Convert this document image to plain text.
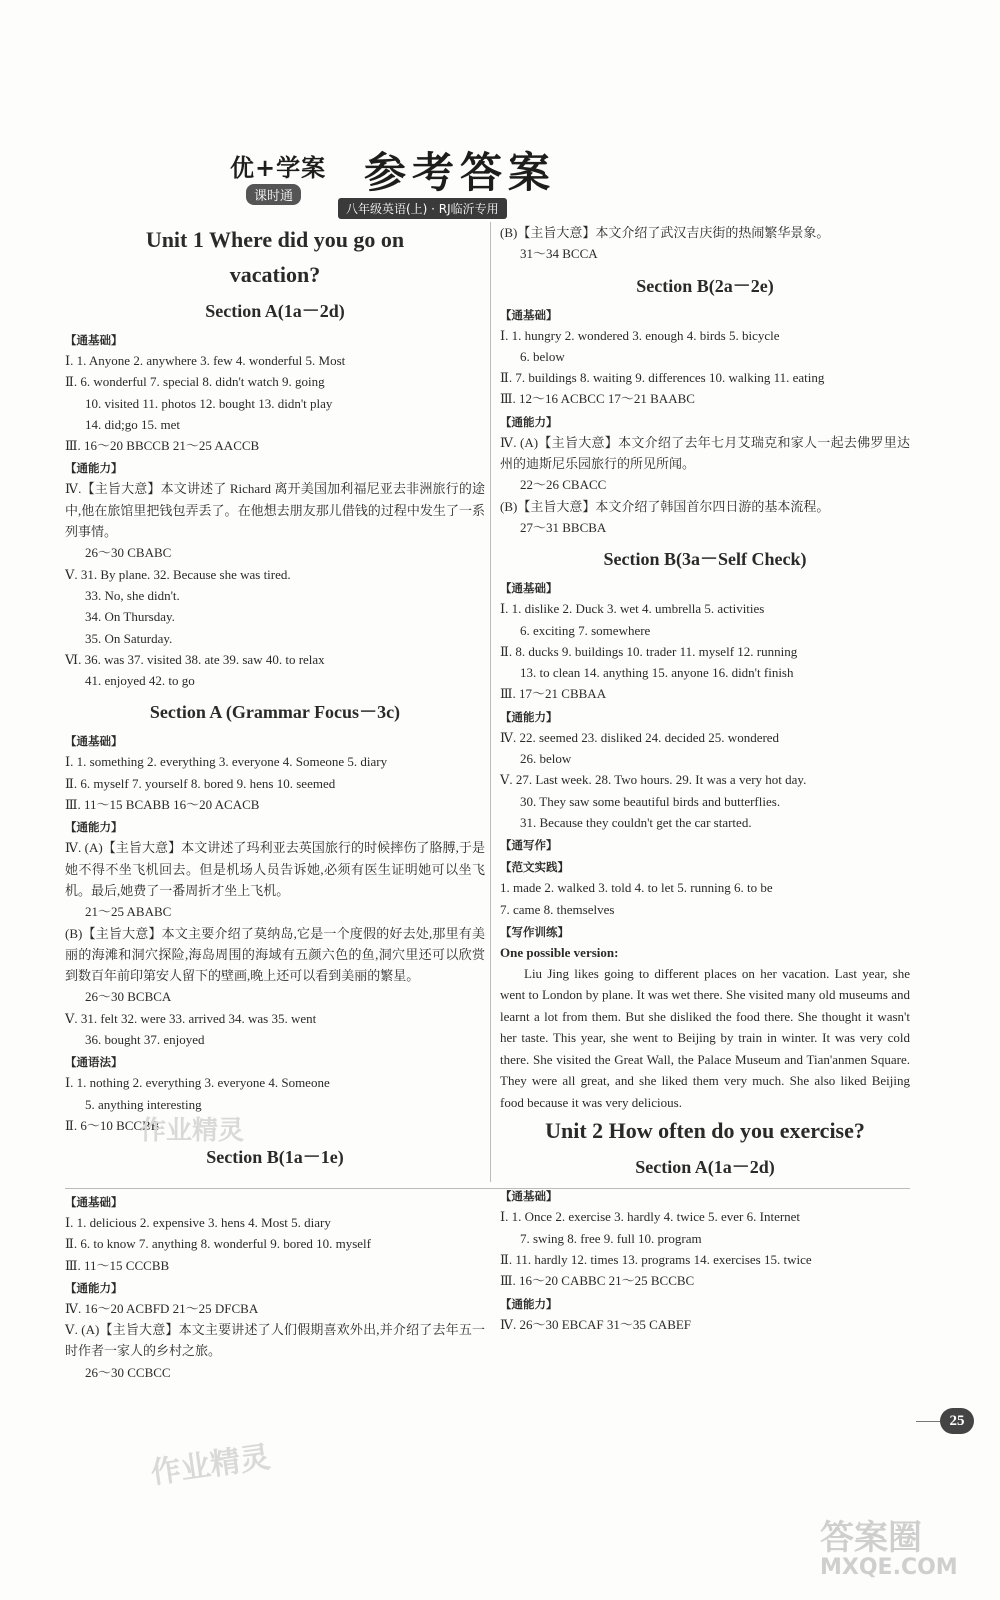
优+学案
课时通 参考答案
八年级英语(上) · RJ临沂专用
Unit 1 Where did you go on
vacation?
Section A(1a－2d)
【通基础】
Ⅰ. 1. Anyone 2. anywhere 3. few 4. wonderful 5. Most
Ⅱ. 6. wonderful 7. special 8. didn't watch 9. going
10. visited 11. photos 12. bought 13. didn't play
14. did;go 15. met
Ⅲ. 16～20 BBCCB 21～25 AACCB
【通能力】
Ⅳ.【主旨大意】本文讲述了 Richard 离开美国加利福尼亚去非洲旅行的途中,他在旅馆里把钱包弄丢了。在他想去朋友那儿借钱的过程中发生了一系列事情。
26～30 CBABC
Ⅴ. 31. By plane. 32. Because she was tired.
33. No, she didn't.
34. On Thursday.
35. On Saturday.
Ⅵ. 36. was 37. visited 38. ate 39. saw 40. to relax
41. enjoyed 42. to go
Section A (Grammar Focus－3c)
【通基础】
Ⅰ. 1. something 2. everything 3. everyone 4. Someone 5. diary
Ⅱ. 6. myself 7. yourself 8. bored 9. hens 10. seemed
Ⅲ. 11～15 BCABB 16～20 ACACB
【通能力】
Ⅳ. (A)【主旨大意】本文讲述了玛利亚去英国旅行的时候摔伤了胳膊,于是她不得不坐飞机回去。但是机场人员告诉她,必须有医生证明她可以坐飞机。最后,她费了一番周折才坐上飞机。
21～25 ABABC
(B)【主旨大意】本文主要介绍了莫纳岛,它是一个度假的好去处,那里有美丽的海滩和洞穴探险,海岛周围的海域有五颜六色的鱼,洞穴里还可以欣赏到数百年前印第安人留下的壁画,晚上还可以看到美丽的繁星。
26～30 BCBCA
Ⅴ. 31. felt 32. were 33. arrived 34. was 35. went
36. bought 37. enjoyed
【通语法】
Ⅰ. 1. nothing 2. everything 3. everyone 4. Someone
5. anything interesting
Ⅱ. 6～10 BCCBB
Section B(1a－1e)
【通基础】
Ⅰ. 1. delicious 2. expensive 3. hens 4. Most 5. diary
Ⅱ. 6. to know 7. anything 8. wonderful 9. bored 10. myself
Ⅲ. 11～15 CCCBB
【通能力】
Ⅳ. 16～20 ACBFD 21～25 DFCBA
Ⅴ. (A)【主旨大意】本文主要讲述了人们假期喜欢外出,并介绍了去年五一时作者一家人的乡村之旅。
26～30 CCBCC
(B)【主旨大意】本文介绍了武汉吉庆街的热闹繁华景象。
31～34 BCCA
Section B(2a－2e)
【通基础】
Ⅰ. 1. hungry 2. wondered 3. enough 4. birds 5. bicycle
6. below
Ⅱ. 7. buildings 8. waiting 9. differences 10. walking 11. eating
Ⅲ. 12～16 ACBCC 17～21 BAABC
【通能力】
Ⅳ. (A)【主旨大意】本文介绍了去年七月艾瑞克和家人一起去佛罗里达州的迪斯尼乐园旅行的所见所闻。
22～26 CBACC
(B)【主旨大意】本文介绍了韩国首尔四日游的基本流程。
27～31 BBCBA
Section B(3a－Self Check)
【通基础】
Ⅰ. 1. dislike 2. Duck 3. wet 4. umbrella 5. activities
6. exciting 7. somewhere
Ⅱ. 8. ducks 9. buildings 10. trader 11. myself 12. running
13. to clean 14. anything 15. anyone 16. didn't finish
Ⅲ. 17～21 CBBAA
【通能力】
Ⅳ. 22. seemed 23. disliked 24. decided 25. wondered
26. below
Ⅴ. 27. Last week. 28. Two hours. 29. It was a very hot day.
30. They saw some beautiful birds and butterflies.
31. Because they couldn't get the car started.
【通写作】
【范文实践】
1. made 2. walked 3. told 4. to let 5. running 6. to be
7. came 8. themselves
【写作训练】
One possible version:
Liu Jing likes going to different places on her vacation. Last year, she went to London by plane. It was wet there. She visited many old museums and learnt a lot from them. But she disliked the food there. She thought it wasn't her taste. This year, she went to Beijing by train in winter. It was very cold there. She visited the Great Wall, the Palace Museum and Tian'anmen Square. They were all great, and she liked them very much. She also liked Beijing food because it was very delicious.
Unit 2 How often do you exercise?
Section A(1a－2d)
【通基础】
Ⅰ. 1. Once 2. exercise 3. hardly 4. twice 5. ever 6. Internet
7. swing 8. free 9. full 10. program
Ⅱ. 11. hardly 12. times 13. programs 14. exercises 15. twice
Ⅲ. 16～20 CABBC 21～25 BCCBC
【通能力】
Ⅳ. 26～30 EBCAF 31～35 CABEF
25
作业精灵
作业精灵
答案圈
MXQE.COM
